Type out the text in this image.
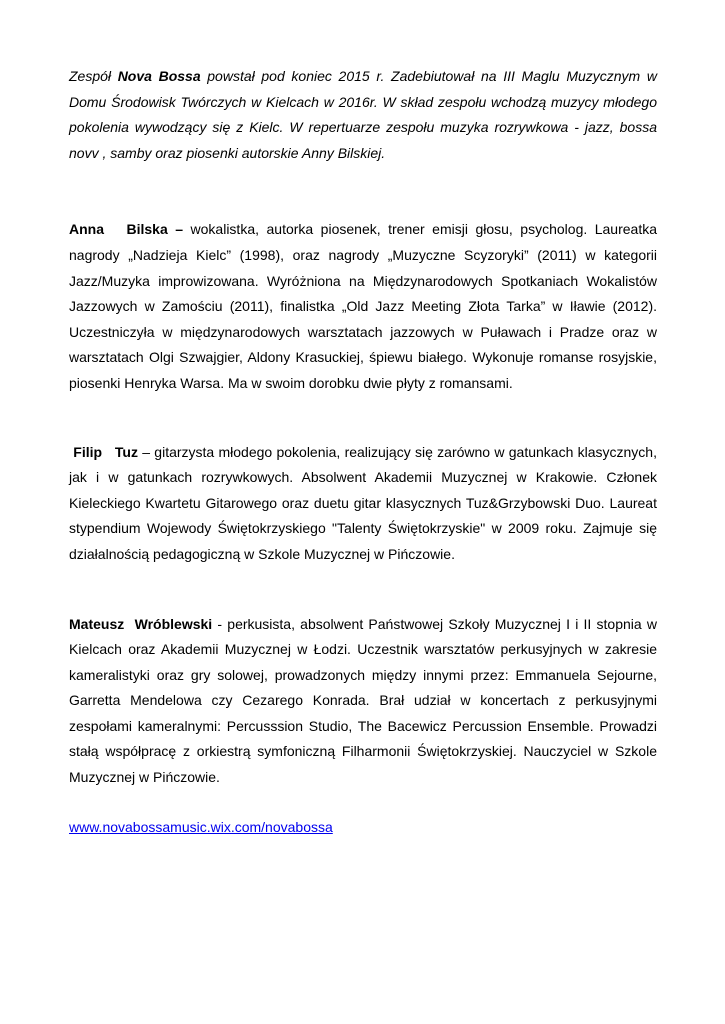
Zespół Nova Bossa powstał pod koniec 2015 r. Zadebiutował na III Maglu Muzycznym w Domu Środowisk Twórczych w Kielcach w 2016r. W skład zespołu wchodzą muzycy młodego pokolenia wywodzący się z Kielc. W repertuarze zespołu muzyka rozrywkowa - jazz, bossa novv , samby oraz piosenki autorskie Anny Bilskiej.

Anna   Bilska – wokalistka, autorka piosenek, trener emisji głosu, psycholog. Laureatka nagrody „Nadzieja Kielc” (1998), oraz nagrody „Muzyczne Scyzoryki” (2011) w kategorii Jazz/Muzyka improwizowana. Wyróżniona na Międzynarodowych Spotkaniach Wokalistów Jazzowych w Zamościu (2011), finalistka „Old Jazz Meeting Złota Tarka” w Iławie (2012). Uczestniczyła w międzynarodowych warsztatach jazzowych w Puławach i Pradze oraz w warsztatach Olgi Szwajgier, Aldony Krasuckiej, śpiewu białego. Wykonuje romanse rosyjskie, piosenki Henryka Warsa. Ma w swoim dorobku dwie płyty z romansami.

Filip   Tuz – gitarzysta młodego pokolenia, realizujący się zarówno w gatunkach klasycznych, jak i w gatunkach rozrywkowych. Absolwent Akademii Muzycznej w Krakowie. Członek Kieleckiego Kwartetu Gitarowego oraz duetu gitar klasycznych Tuz&Grzybowski Duo. Laureat stypendium Wojewody Świętokrzyskiego "Talenty Świętokrzyskie" w 2009 roku. Zajmuje się działalnością pedagogiczną w Szkole Muzycznej w Pińczowie.

Mateusz  Wróblewski - perkusista, absolwent Państwowej Szkoły Muzycznej I i II stopnia w Kielcach oraz Akademii Muzycznej w Łodzi. Uczestnik warsztatów perkusyjnych w zakresie kameralistyki oraz gry solowej, prowadzonych między innymi przez: Emmanuela Sejourne, Garretta Mendelowa czy Cezarego Konrada. Brał udział w koncertach z perkusyjnymi zespołami kameralnymi: Percusssion Studio, The Bacewicz Percussion Ensemble. Prowadzi stałą współpracę z orkiestrą symfoniczną Filharmonii Świętokrzyskiej. Nauczyciel w Szkole Muzycznej w Pińczowie.

www.novabossamusic.wix.com/novabossa
